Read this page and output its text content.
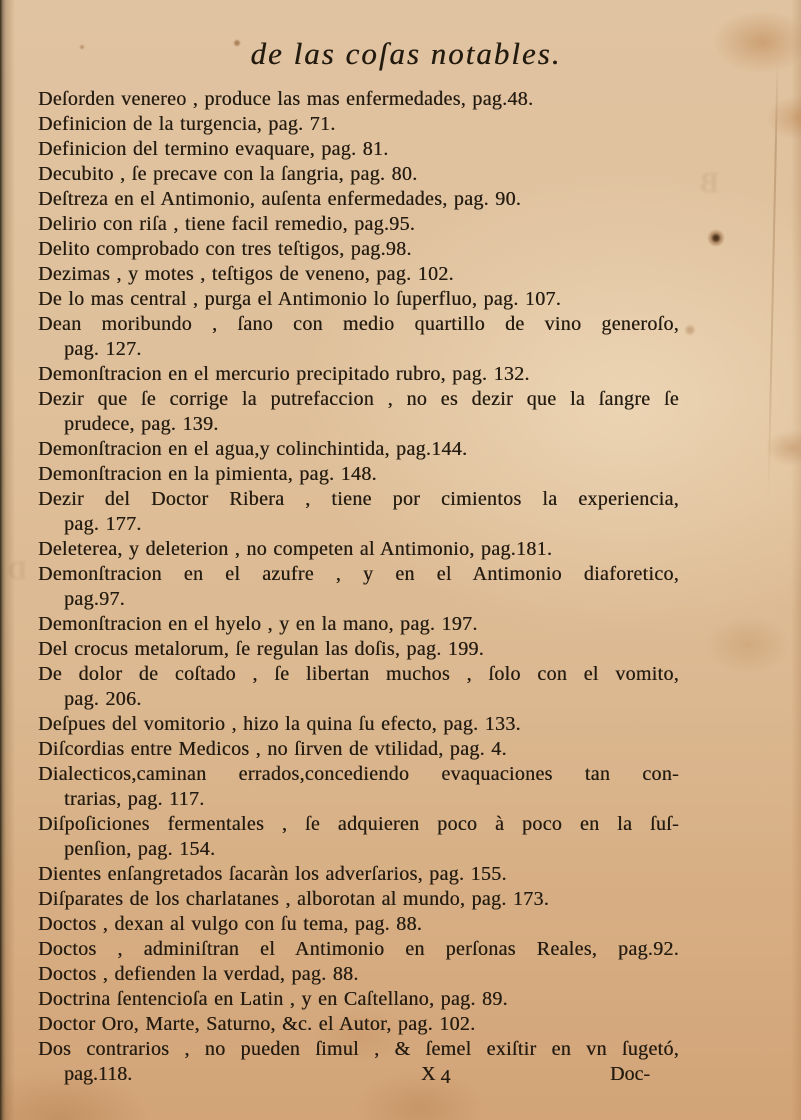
B
D
de las coſas notables.
Deſorden venereo , produce las mas enfermedades, pag.48.
Definicion de la turgencia, pag. 71.
Definicion del termino evaquare, pag. 81.
Decubito , ſe precave con la ſangria, pag. 80.
Deſtreza en el Antimonio, auſenta enfermedades, pag. 90.
Delirio con riſa , tiene facil remedio, pag.95.
Delito comprobado con tres teſtigos, pag.98.
Dezimas , y motes , teſtigos de veneno, pag. 102.
De lo mas central , purga el Antimonio lo ſuperfluo, pag. 107.
Dean moribundo , ſano con medio quartillo de vino generoſo,
pag. 127.
Demonſtracion en el mercurio precipitado rubro, pag. 132.
Dezir que ſe corrige la putrefaccion , no es dezir que la ſangre ſe
prudece, pag. 139.
Demonſtracion en el agua,y colinchintida, pag.144.
Demonſtracion en la pimienta, pag. 148.
Dezir del Doctor Ribera , tiene por cimientos la experiencia,
pag. 177.
Deleterea, y deleterion , no competen al Antimonio, pag.181.
Demonſtracion en el azufre , y en el Antimonio diaforetico,
pag.97.
Demonſtracion en el hyelo , y en la mano, pag. 197.
Del crocus metalorum, ſe regulan las doſis, pag. 199.
De dolor de coſtado , ſe libertan muchos , ſolo con el vomito,
pag. 206.
Deſpues del vomitorio , hizo la quina ſu efecto, pag. 133.
Diſcordias entre Medicos , no ſirven de vtilidad, pag. 4.
Dialecticos,caminan errados,concediendo evaquaciones tan con-
trarias, pag. 117.
Diſpoſiciones fermentales , ſe adquieren poco à poco en la ſuſ-
penſion, pag. 154.
Dientes enſangretados ſacaràn los adverſarios, pag. 155.
Diſparates de los charlatanes , alborotan al mundo, pag. 173.
Doctos , dexan al vulgo con ſu tema, pag. 88.
Doctos , adminiſtran el Antimonio en perſonas Reales, pag.92.
Doctos , defienden la verdad, pag. 88.
Doctrina ſentencioſa en Latin , y en Caſtellano, pag. 89.
Doctor Oro, Marte, Saturno, &c. el Autor, pag. 102.
Dos contrarios , no pueden ſimul , & ſemel exiſtir en vn ſugetó,
pag.118.	X 4	Doc-
